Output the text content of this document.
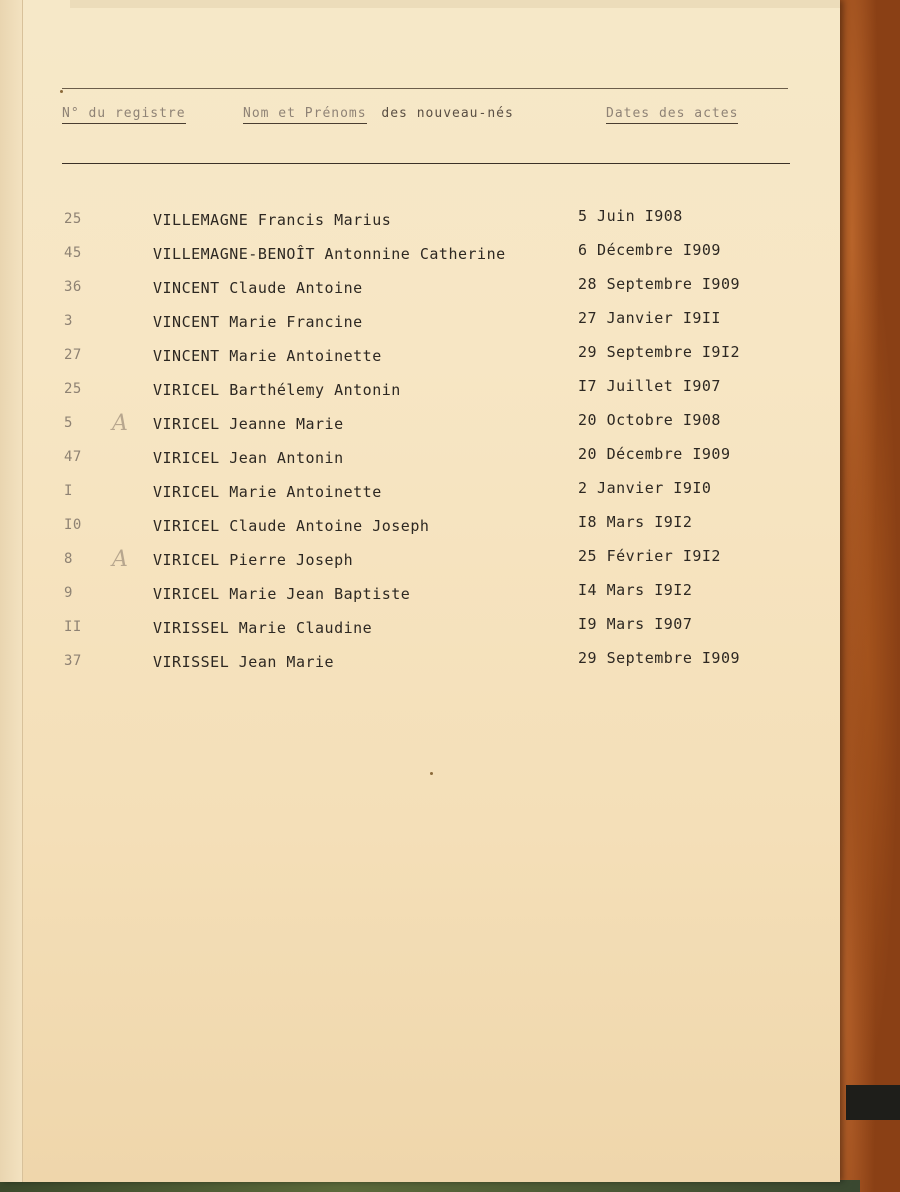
N° du registre	Nom et Prénoms des nouveau-nés	Dates des actes
25	VILLEMAGNE Francis Marius	5 Juin I908
45	VILLEMAGNE-BENOÎT Antonnine Catherine	6 Décembre I909
36	VINCENT Claude Antoine	28 Septembre I909
3	VINCENT Marie Francine	27 Janvier I9II
27	VINCENT Marie Antoinette	29 Septembre I9I2
25	VIRICEL Barthélemy Antonin	I7 Juillet I907
5 A VIRICEL Jeanne Marie	20 Octobre I908
47	VIRICEL Jean Antonin	20 Décembre I909
I	VIRICEL Marie Antoinette	2 Janvier I9I0
I0	VIRICEL Claude Antoine Joseph	I8 Mars I9I2
8 A VIRICEL Pierre Joseph	25 Février I9I2
9	VIRICEL Marie Jean Baptiste	I4 Mars I9I2
II	VIRISSEL Marie Claudine	I9 Mars I907
37	VIRISSEL Jean Marie	29 Septembre I909
